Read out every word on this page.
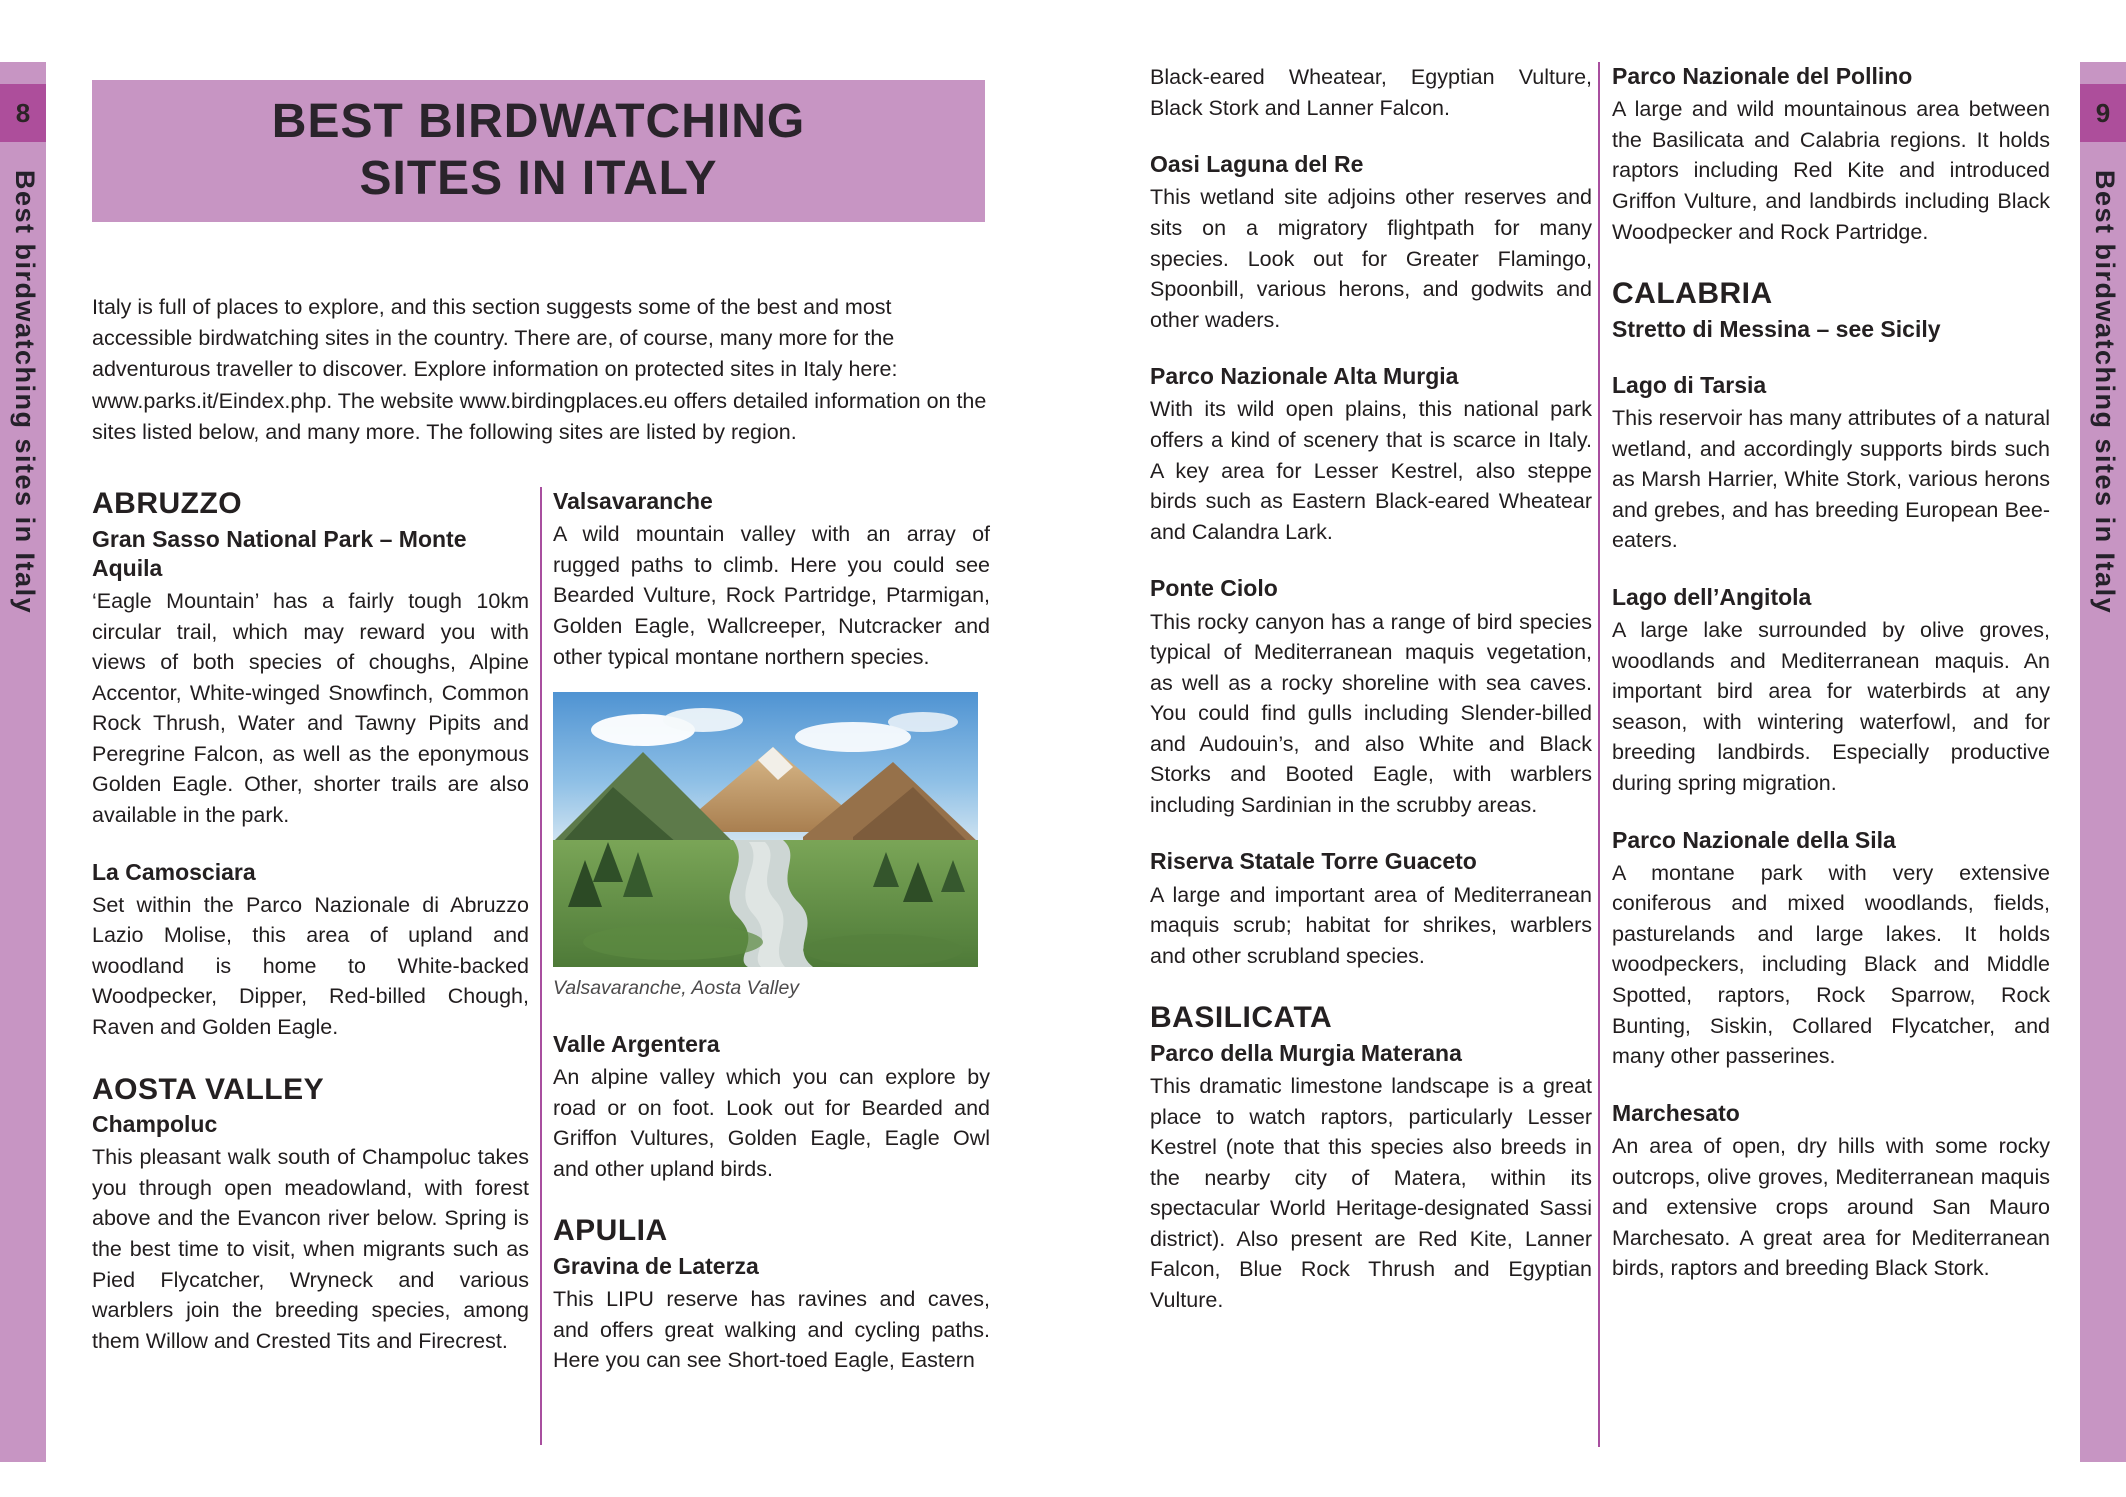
8
Best birdwatching sites in Italy
9
Best birdwatching sites in Italy
BEST BIRDWATCHING
SITES IN ITALY

Italy is full of places to explore, and this section suggests some of the best and most accessible birdwatching sites in the country. There are, of course, many more for the adventurous traveller to discover. Explore information on protected sites in Italy here: www.parks.it/Eindex.php. The website www.birdingplaces.eu offers detailed information on the sites listed below, and many more. The following sites are listed by region.

ABRUZZO
Gran Sasso National Park – Monte Aquila

‘Eagle Mountain’ has a fairly tough 10km circular trail, which may reward you with views of both species of choughs, Alpine Accentor, White-winged Snowfinch, Common Rock Thrush, Water and Tawny Pipits and Peregrine Falcon, as well as the eponymous Golden Eagle. Other, shorter trails are also available in the park.

La Camosciara

Set within the Parco Nazionale di Abruzzo Lazio Molise, this area of upland and woodland is home to White-backed Woodpecker, Dipper, Red-billed Chough, Raven and Golden Eagle.

AOSTA VALLEY
Champoluc

This pleasant walk south of Champoluc takes you through open meadowland, with forest above and the Evancon river below. Spring is the best time to visit, when migrants such as Pied Flycatcher, Wryneck and various warblers join the breeding species, among them Willow and Crested Tits and Firecrest.

Valsavaranche

A wild mountain valley with an array of rugged paths to climb. Here you could see Bearded Vulture, Rock Partridge, Ptarmigan, Golden Eagle, Wallcreeper, Nutcracker and other typical montane northern species.

Valsavaranche, Aosta Valley

Valle Argentera

An alpine valley which you can explore by road or on foot. Look out for Bearded and Griffon Vultures, Golden Eagle, Eagle Owl and other upland birds.

APULIA
Gravina de Laterza

This LIPU reserve has ravines and caves, and offers great walking and cycling paths. Here you can see Short-toed Eagle, Eastern

Black-eared Wheatear, Egyptian Vulture, Black Stork and Lanner Falcon.

Oasi Laguna del Re

This wetland site adjoins other reserves and sits on a migratory flightpath for many species. Look out for Greater Flamingo, Spoonbill, various herons, and godwits and other waders.

Parco Nazionale Alta Murgia

With its wild open plains, this national park offers a kind of scenery that is scarce in Italy. A key area for Lesser Kestrel, also steppe birds such as Eastern Black-eared Wheatear and Calandra Lark.

Ponte Ciolo

This rocky canyon has a range of bird species typical of Mediterranean maquis vegetation, as well as a rocky shoreline with sea caves. You could find gulls including Slender-billed and Audouin’s, and also White and Black Storks and Booted Eagle, with warblers including Sardinian in the scrubby areas.

Riserva Statale Torre Guaceto

A large and important area of Mediterranean maquis scrub; habitat for shrikes, warblers and other scrubland species.

BASILICATA
Parco della Murgia Materana

This dramatic limestone landscape is a great place to watch raptors, particularly Lesser Kestrel (note that this species also breeds in the nearby city of Matera, within its spectacular World Heritage-designated Sassi district). Also present are Red Kite, Lanner Falcon, Blue Rock Thrush and Egyptian Vulture.

Parco Nazionale del Pollino

A large and wild mountainous area between the Basilicata and Calabria regions. It holds raptors including Red Kite and introduced Griffon Vulture, and landbirds including Black Woodpecker and Rock Partridge.

CALABRIA
Stretto di Messina – see Sicily
Lago di Tarsia

This reservoir has many attributes of a natural wetland, and accordingly supports birds such as Marsh Harrier, White Stork, various herons and grebes, and has breeding European Bee-eaters.

Lago dell’Angitola

A large lake surrounded by olive groves, woodlands and Mediterranean maquis. An important bird area for waterbirds at any season, with wintering waterfowl, and for breeding landbirds. Especially productive during spring migration.

Parco Nazionale della Sila

A montane park with very extensive coniferous and mixed woodlands, fields, pasturelands and large lakes. It holds woodpeckers, including Black and Middle Spotted, raptors, Rock Sparrow, Rock Bunting, Siskin, Collared Flycatcher, and many other passerines.

Marchesato

An area of open, dry hills with some rocky outcrops, olive groves, Mediterranean maquis and extensive crops around San Mauro Marchesato. A great area for Mediterranean birds, raptors and breeding Black Stork.
